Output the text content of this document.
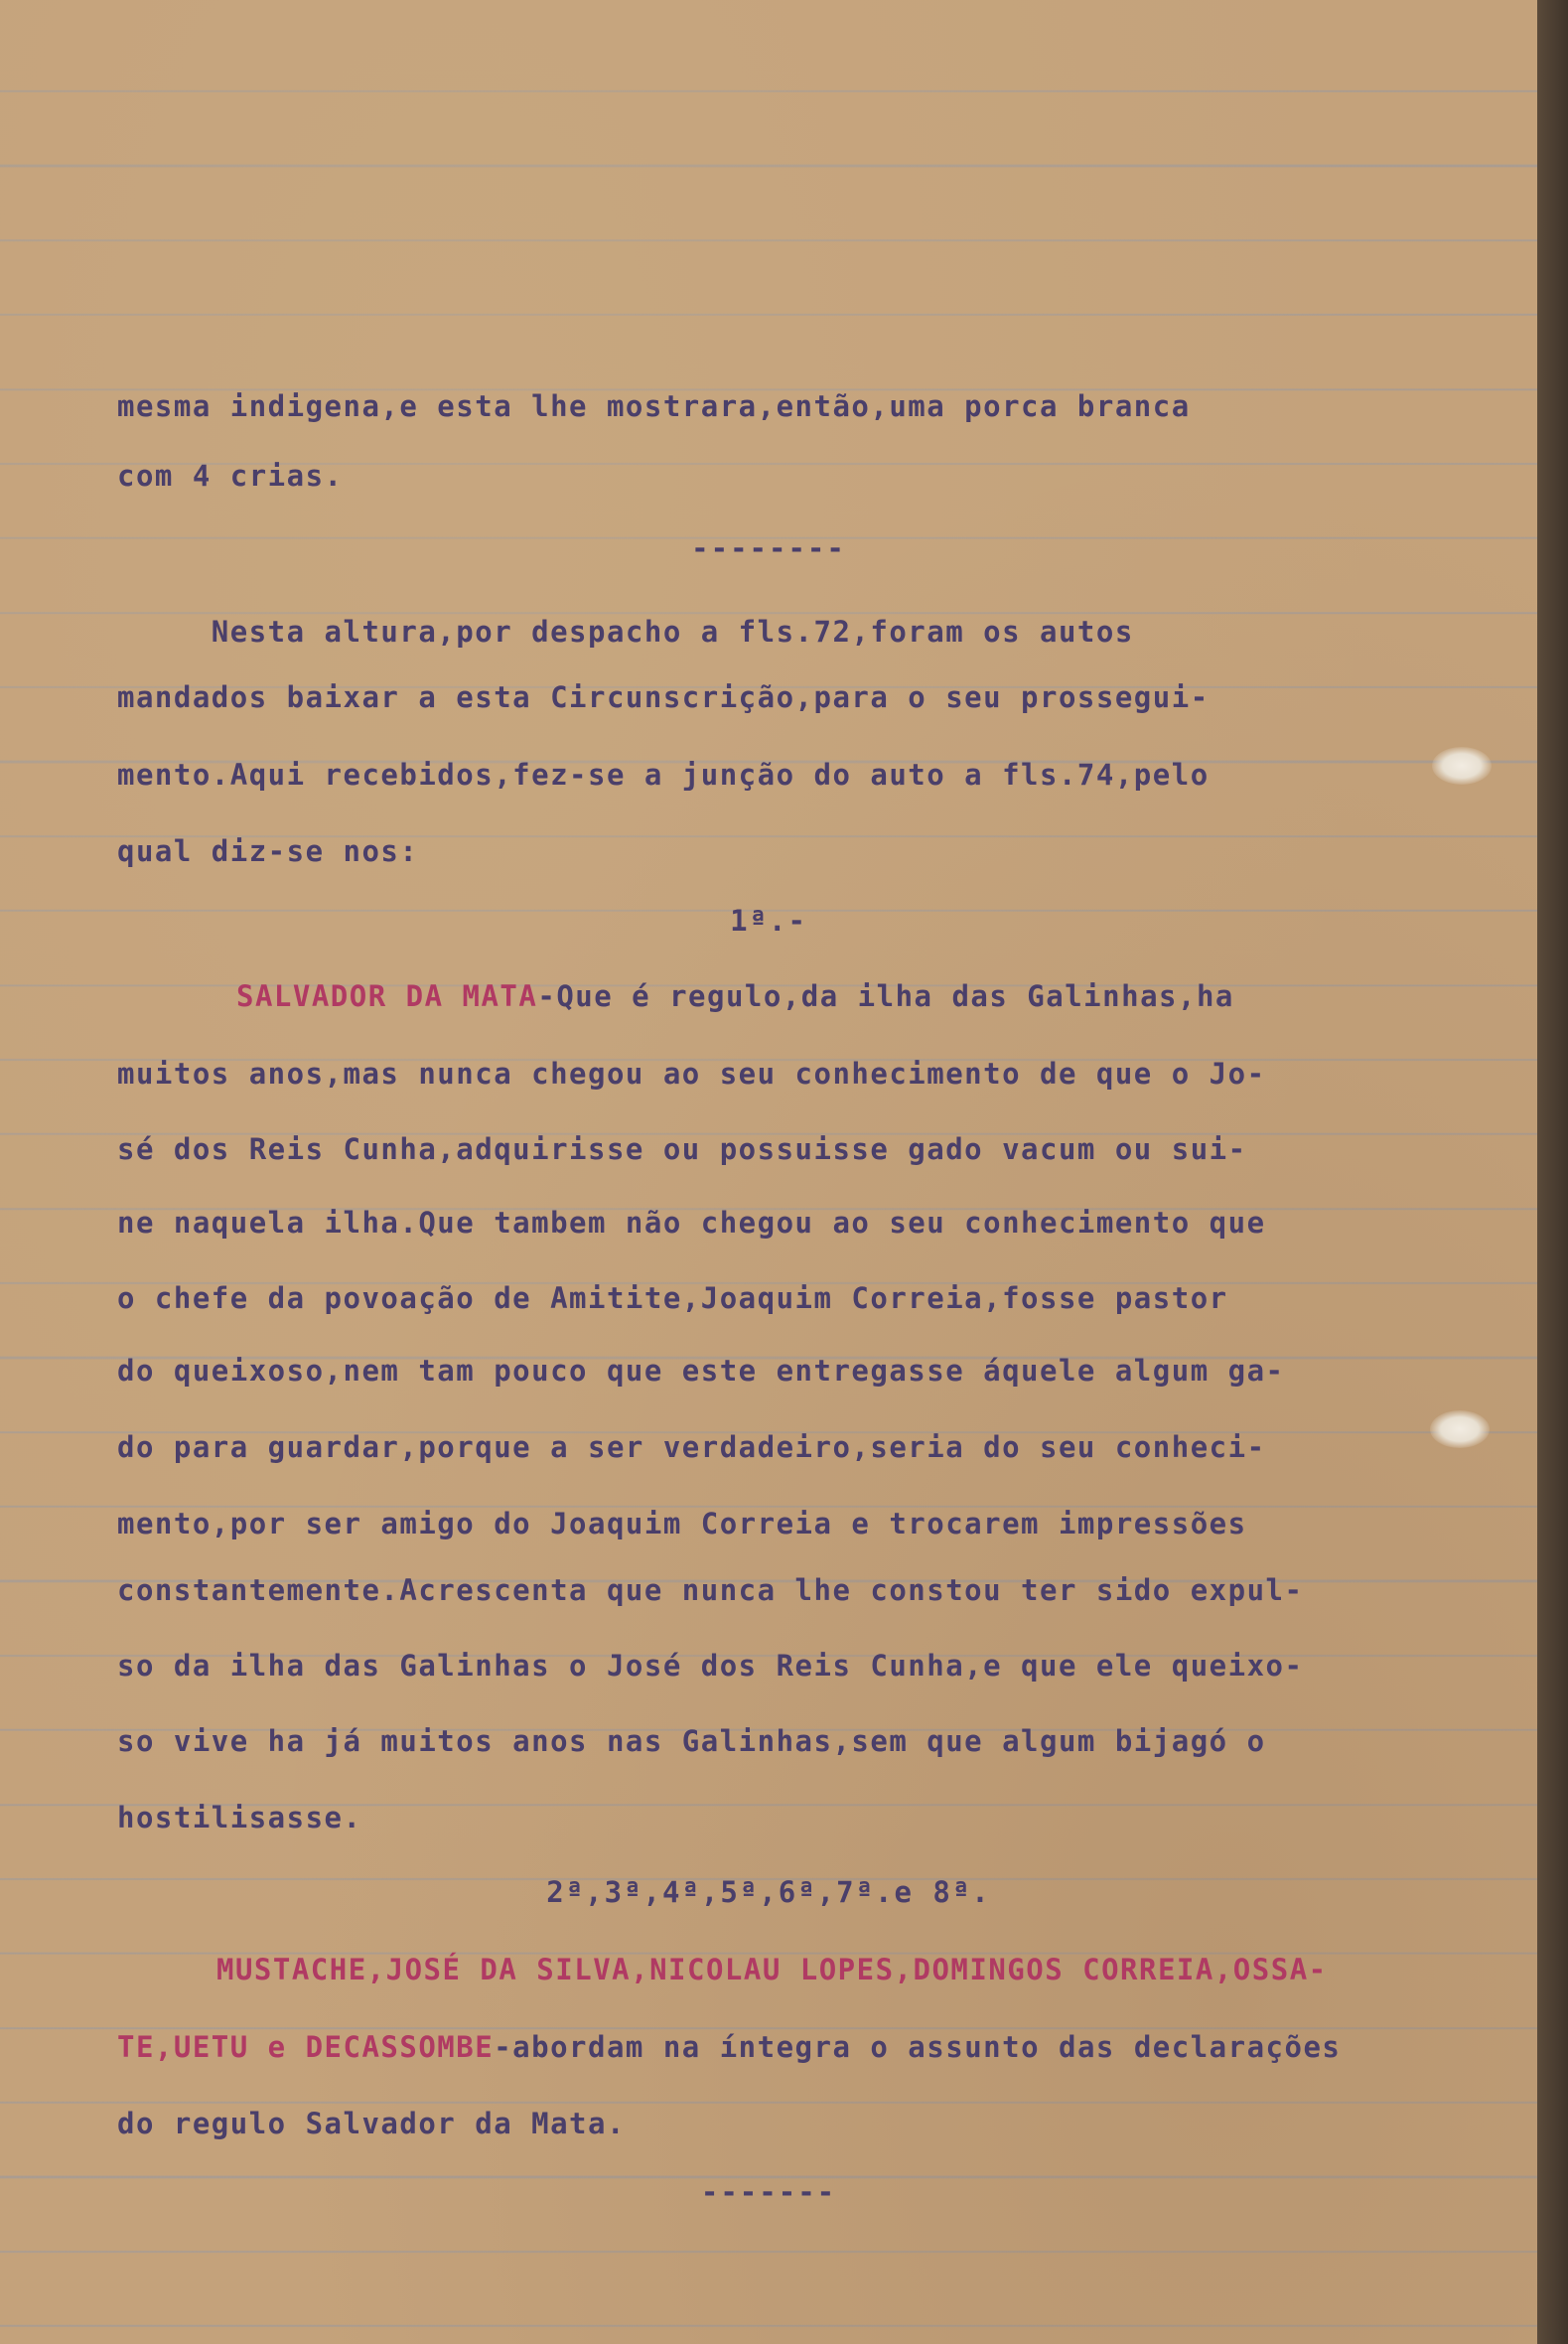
mesma indigena,e esta lhe mostrara,então,uma porca branca

com 4 crias.

--------

Nesta altura,por despacho a fls.72,foram os autos

mandados baixar a esta Circunscrição,para o seu prossegui-

mento.Aqui recebidos,fez-se a junção do auto a fls.74,pelo

qual diz-se nos:

1ª.-

SALVADOR DA MATA-Que é regulo,da ilha das Galinhas,ha

muitos anos,mas nunca chegou ao seu conhecimento de que o Jo-

sé dos Reis Cunha,adquirisse ou possuisse gado vacum ou sui-

ne naquela ilha.Que tambem não chegou ao seu conhecimento que

o chefe da povoação de Amitite,Joaquim Correia,fosse pastor

do queixoso,nem tam pouco que este entregasse áquele algum ga-

do para guardar,porque a ser verdadeiro,seria do seu conheci-

mento,por ser amigo do Joaquim Correia e trocarem impressões

constantemente.Acrescenta que nunca lhe constou ter sido expul-

so da ilha das Galinhas o José dos Reis Cunha,e que ele queixo-

so vive ha já muitos anos nas Galinhas,sem que algum bijagó o

hostilisasse.

2ª,3ª,4ª,5ª,6ª,7ª.e 8ª.

MUSTACHE,JOSÉ DA SILVA,NICOLAU LOPES,DOMINGOS CORREIA,OSSA-

TE,UETU e DECASSOMBE-abordam na íntegra o assunto das declarações

do regulo Salvador da Mata.

-------
